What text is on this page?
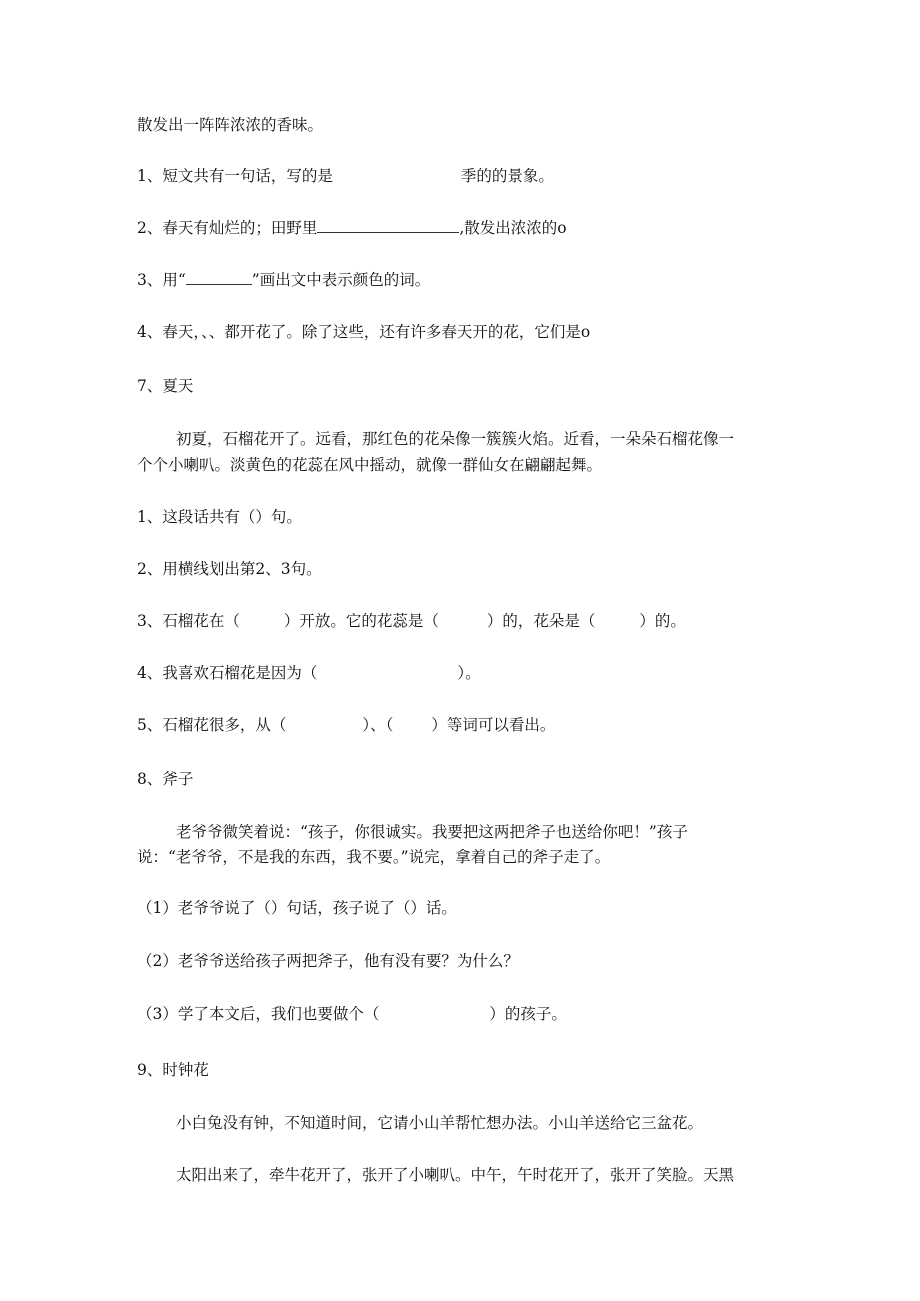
散发出一阵阵浓浓的香味。
1、短文共有一句话，写的是	季的的景象。
2、春天有灿烂的；田野里	,散发出浓浓的o
3、用“	”画出文中表示颜色的词。
4、春天，、、都开花了。除了这些，还有许多春天开的花，它们是o
7、夏天
初夏，石榴花开了。远看，那红色的花朵像一簇簇火焰。近看，一朵朵石榴花像一
个个小喇叭。淡黄色的花蕊在风中摇动，就像一群仙女在翩翩起舞。
1、这段话共有（）句。
2、用横线划出第2、3句。
3、石榴花在（	）开放。它的花蕊是（	）的，花朵是（	）的。
4、我喜欢石榴花是因为（	）。
5、石榴花很多，从（	）、（ ）等词可以看出。
8、斧子
老爷爷微笑着说：“孩子，你很诚实。我要把这两把斧子也送给你吧！”孩子
说：“老爷爷，不是我的东西，我不要。”说完，拿着自己的斧子走了。
（1）老爷爷说了（）句话，孩子说了（）话。
（2）老爷爷送给孩子两把斧子，他有没有要？为什么？
（3）学了本文后，我们也要做个（	）的孩子。
9、时钟花
小白兔没有钟，不知道时间，它请小山羊帮忙想办法。小山羊送给它三盆花。
太阳出来了，牵牛花开了，张开了小喇叭。中午，午时花开了，张开了笑脸。天黑
